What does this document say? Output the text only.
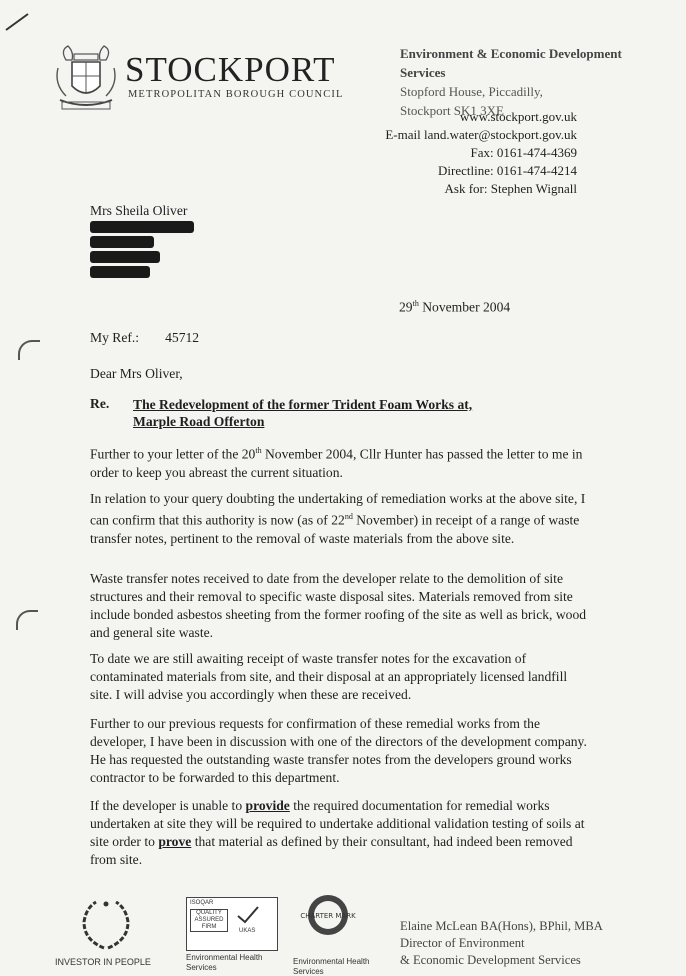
STOCKPORT
METROPOLITAN BOROUGH COUNCIL
Environment & Economic Development
Services
Stopford House, Piccadilly,
Stockport SK1 3XE
www.stockport.gov.uk
E-mail land.water@stockport.gov.uk
Fax: 0161-474-4369
Directline: 0161-474-4214
Ask for: Stephen Wignall
Mrs Sheila Oliver
29th November 2004
My Ref.: 45712
Dear Mrs Oliver,
Re. The Redevelopment of the former Trident Foam Works at,
Marple Road Offerton
Further to your letter of the 20th November 2004, Cllr Hunter has passed the letter to me in order to keep you abreast the current situation.
In relation to your query doubting the undertaking of remediation works at the above site, I can confirm that this authority is now (as of 22nd November) in receipt of a range of waste transfer notes, pertinent to the removal of waste materials from the above site.
Waste transfer notes received to date from the developer relate to the demolition of site structures and their removal to specific waste disposal sites. Materials removed from site include bonded asbestos sheeting from the former roofing of the site as well as brick, wood and general site waste.
To date we are still awaiting receipt of waste transfer notes for the excavation of contaminated materials from site, and their disposal at an appropriately licensed landfill site. I will advise you accordingly when these are received.
Further to our previous requests for confirmation of these remedial works from the developer, I have been in discussion with one of the directors of the development company. He has requested the outstanding waste transfer notes from the developers ground works contractor to be forwarded to this department.
If the developer is unable to provide the required documentation for remedial works undertaken at site they will be required to undertake additional validation testing of soils at site order to prove that material as defined by their consultant, had indeed been removed from site.
INVESTOR IN PEOPLE
ISOQAR
QUALITY ASSURED FIRM
UKAS
Environmental Health
Services
CHARTER MARK
Environmental Health
Services
Elaine McLean BA(Hons), BPhil, MBA
Director of Environment
& Economic Development Services
